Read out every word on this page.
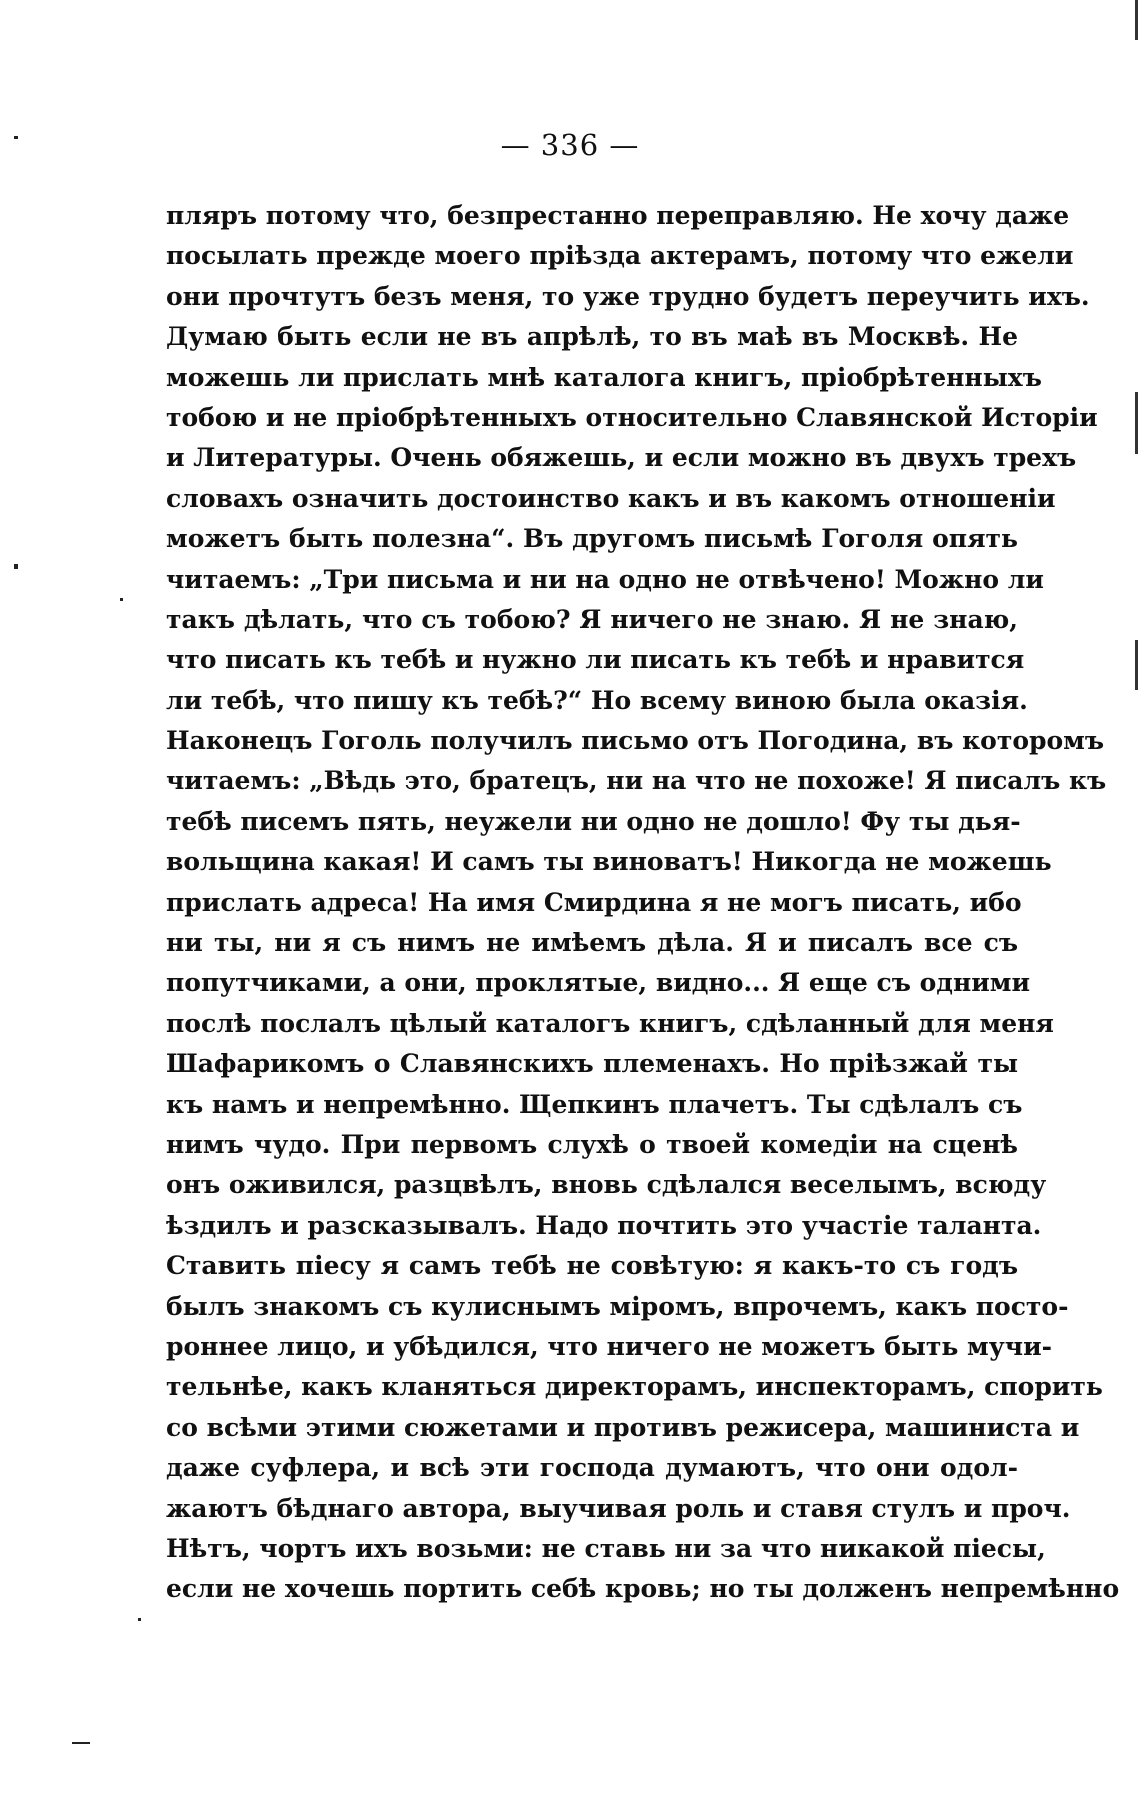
— 336 —
пляръ потому что, безпрестанно переправляю. Не хочу даже
посылать прежде моего пріѣзда актерамъ, потому что ежели
они прочтутъ безъ меня, то уже трудно будетъ переучить ихъ.
Думаю быть если не въ апрѣлѣ, то въ маѣ въ Москвѣ. Не
можешь ли прислать мнѣ каталога книгъ, пріобрѣтенныхъ
тобою и не пріобрѣтенныхъ относительно Славянской Исторіи
и Литературы. Очень обяжешь, и если можно въ двухъ трехъ
словахъ означить достоинство какъ и въ какомъ отношеніи
можетъ быть полезна“. Въ другомъ письмѣ Гоголя опять
читаемъ: „Три письма и ни на одно не отвѣчено! Можно ли
такъ дѣлать, что съ тобою? Я ничего не знаю. Я не знаю,
что писать къ тебѣ и нужно ли писать къ тебѣ и нравится
ли тебѣ, что пишу къ тебѣ?“ Но всему виною была оказія.
Наконецъ Гоголь получилъ письмо отъ Погодина, въ которомъ
читаемъ: „Вѣдь это, братецъ, ни на что не похоже! Я писалъ къ
тебѣ писемъ пять, неужели ни одно не дошло! Фу ты дья-
вольщина какая! И самъ ты виноватъ! Никогда не можешь
прислать адреса! На имя Смирдина я не могъ писать, ибо
ни ты, ни я съ нимъ не имѣемъ дѣла. Я и писалъ все съ
попутчиками, а они, проклятые, видно... Я еще съ одними
послѣ послалъ цѣлый каталогъ книгъ, сдѣланный для меня
Шафарикомъ о Славянскихъ племенахъ. Но пріѣзжай ты
къ намъ и непремѣнно. Щепкинъ плачетъ. Ты сдѣлалъ съ
нимъ чудо. При первомъ слухѣ о твоей комедіи на сценѣ
онъ оживился, разцвѣлъ, вновь сдѣлался веселымъ, всюду
ѣздилъ и разсказывалъ. Надо почтить это участіе таланта.
Ставить піесу я самъ тебѣ не совѣтую: я какъ-то съ годъ
былъ знакомъ съ кулиснымъ міромъ, впрочемъ, какъ посто-
роннее лицо, и убѣдился, что ничего не можетъ быть мучи-
тельнѣе, какъ кланяться директорамъ, инспекторамъ, спорить
со всѣми этими сюжетами и противъ режисера, машиниста и
даже суфлера, и всѣ эти господа думаютъ, что они одол-
жаютъ бѣднаго автора, выучивая роль и ставя стулъ и проч.
Нѣтъ, чортъ ихъ возьми: не ставь ни за что никакой піесы,
если не хочешь портить себѣ кровь; но ты долженъ непремѣнно
